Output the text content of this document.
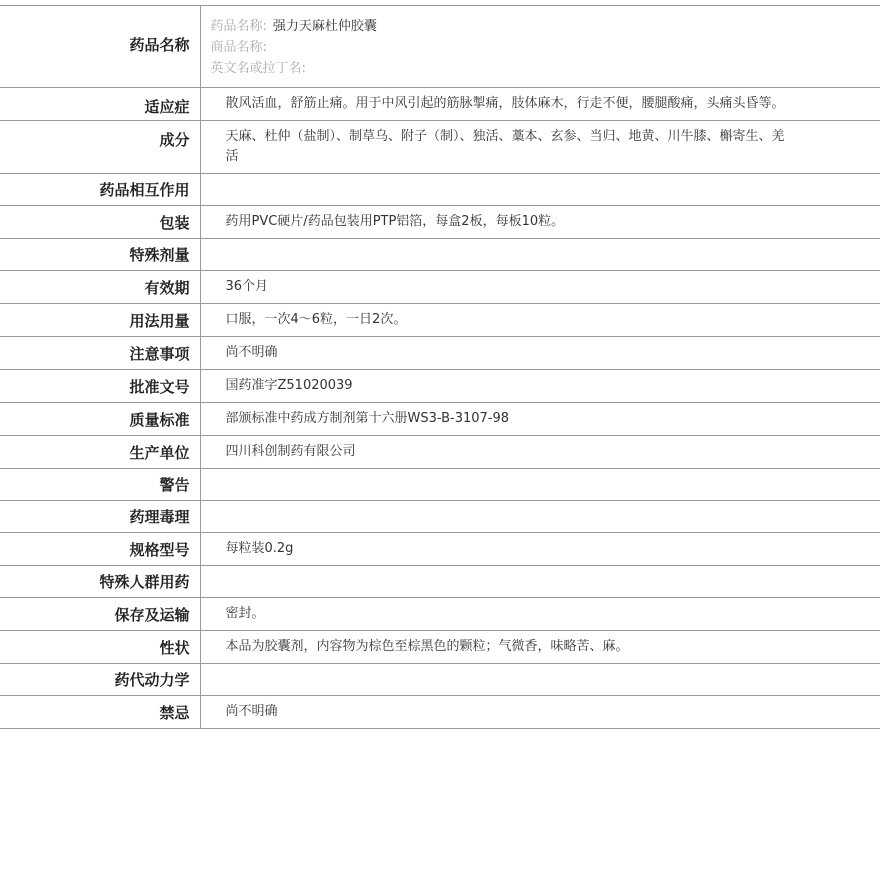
药品名称	药品名称: 强力天麻杜仲胶囊
商品名称:
英文名或拉丁名:

适应症	散风活血，舒筋止痛。用于中风引起的筋脉掣痛，肢体麻木，行走不便，腰腿酸痛，头痛头昏等。
成分	天麻、杜仲（盐制）、制草乌、附子（制）、独活、藁本、玄参、当归、地黄、川牛膝、槲寄生、羌活
药品相互作用	
包装	药用PVC硬片/药品包装用PTP铝箔，每盒2板，每板10粒。
特殊剂量	
有效期	36个月
用法用量	口服，一次4～6粒，一日2次。
注意事项	尚不明确
批准文号	国药准字Z51020039
质量标准	部颁标准中药成方制剂第十六册WS3-B-3107-98
生产单位	四川科创制药有限公司
警告	
药理毒理	
规格型号	每粒装0.2g
特殊人群用药	
保存及运输	密封。
性状	本品为胶囊剂，内容物为棕色至棕黑色的颗粒；气微香，味略苦、麻。
药代动力学	
禁忌	尚不明确
